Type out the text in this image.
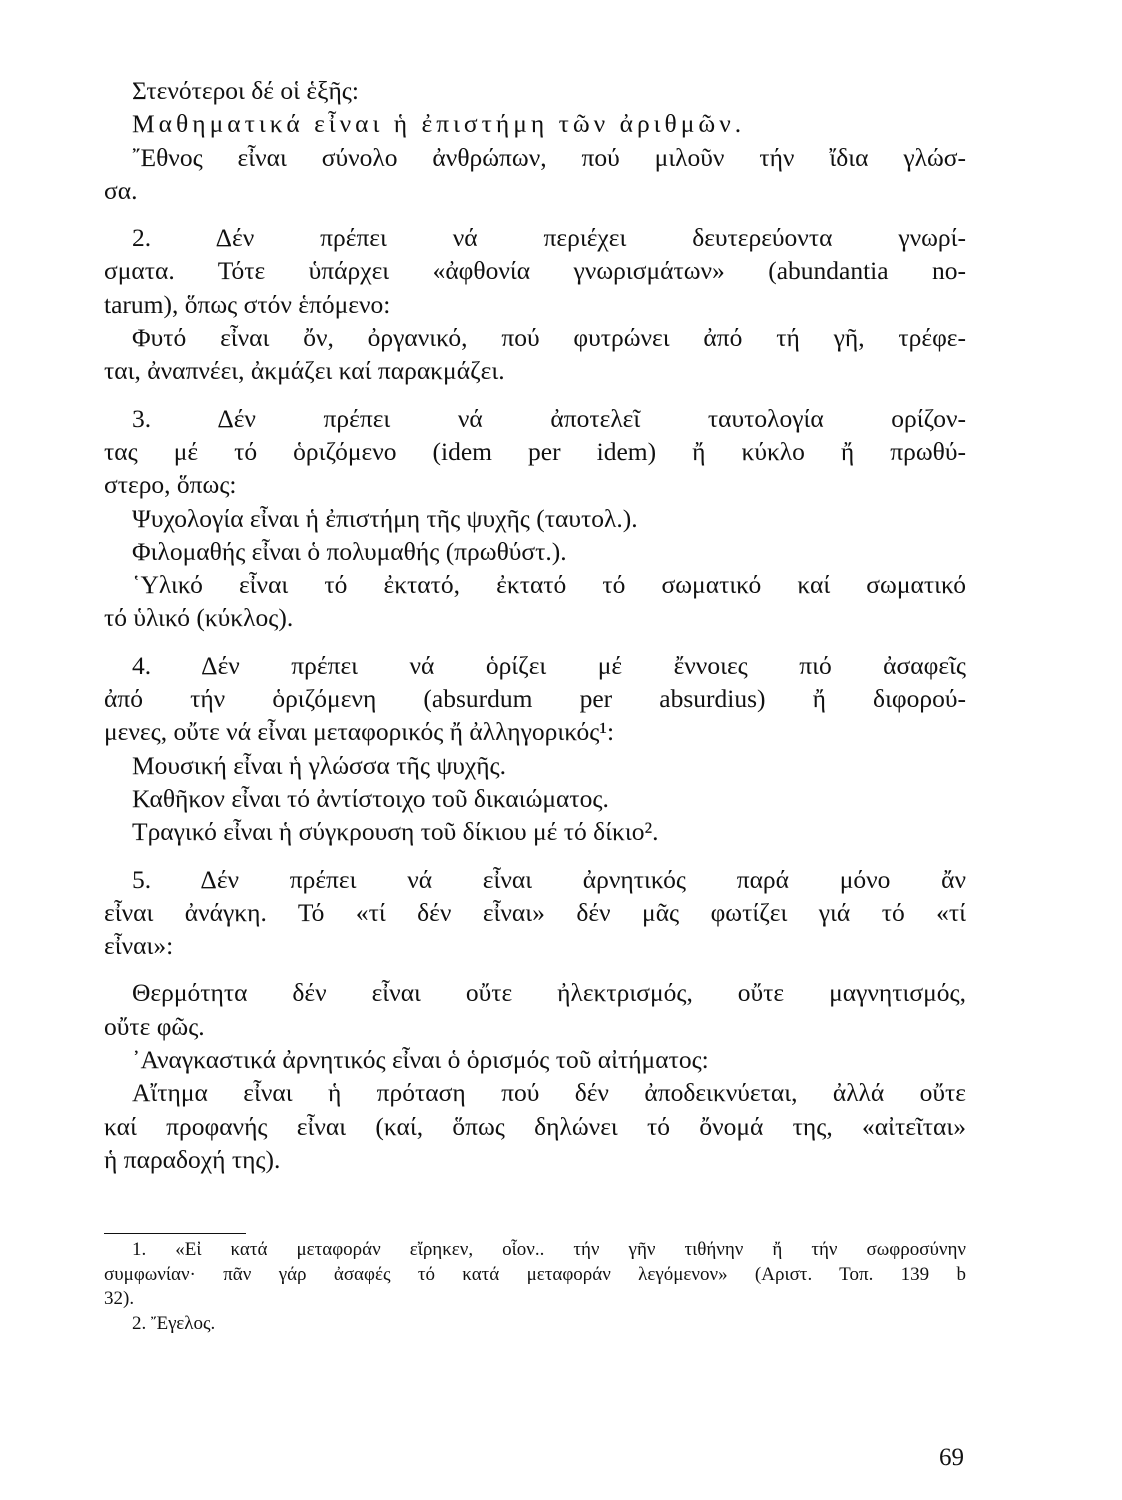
Στενότεροι δέ οἱ ἑξῆς:
Μαθηματικά εἶναι ἡ ἐπιστήμη τῶν ἀριθμῶν.
῎Εθνος εἶναι σύνολο ἀνθρώπων, πού μιλοῦν τήν ἴδια γλώσ-
σα.
2. Δέν πρέπει νά περιέχει δευτερεύοντα γνωρί-
σματα. Τότε ὑπάρχει «ἀφθονία γνωρισμάτων» (abundantia no-
tarum), ὅπως στόν ἑπόμενο:
Φυτό εἶναι ὄν, ὀργανικό, πού φυτρώνει ἀπό τή γῆ, τρέφε-
ται, ἀναπνέει, ἀκμάζει καί παρακμάζει.
3. Δέν πρέπει νά ἀποτελεῖ ταυτολογία ορίζον-
τας μέ τό ὁριζόμενο (idem per idem) ἤ κύκλο ἤ πρωθύ-
στερο, ὅπως:
Ψυχολογία εἶναι ἡ ἐπιστήμη τῆς ψυχῆς (ταυτολ.).
Φιλομαθής εἶναι ὁ πολυμαθής (πρωθύστ.).
῾Υλικό εἶναι τό ἐκτατό, ἐκτατό τό σωματικό καί σωματικό
τό ὑλικό (κύκλος).
4. Δέν πρέπει νά ὁρίζει μέ ἔννοιες πιό ἀσαφεῖς
ἀπό τήν ὁριζόμενη (absurdum per absurdius) ἤ διφορού-
μενες, οὔτε νά εἶναι μεταφορικός ἤ ἀλληγορικός¹:
Μουσική εἶναι ἡ γλώσσα τῆς ψυχῆς.
Καθῆκον εἶναι τό ἀντίστοιχο τοῦ δικαιώματος.
Τραγικό εἶναι ἡ σύγκρουση τοῦ δίκιου μέ τό δίκιο².
5. Δέν πρέπει νά εἶναι ἀρνητικός παρά μόνο ἄν
εἶναι ἀνάγκη. Τό «τί δέν εἶναι» δέν μᾶς φωτίζει γιά τό «τί
εἶναι»:
Θερμότητα δέν εἶναι οὔτε ἠλεκτρισμός, οὔτε μαγνητισμός,
οὔτε φῶς.
᾿Αναγκαστικά ἀρνητικός εἶναι ὁ ὁρισμός τοῦ αἰτήματος:
Αἴτημα εἶναι ἡ πρόταση πού δέν ἀποδεικνύεται, ἀλλά οὔτε
καί προφανής εἶναι (καί, ὅπως δηλώνει τό ὄνομά της, «αἰτεῖται»
ἡ παραδοχή της).
1. «Εἰ κατά μεταφοράν εἴρηκεν, οἷον.. τήν γῆν τιθήνην ἤ τήν σωφροσύνην
συμφωνίαν· πᾶν γάρ ἀσαφές τό κατά μεταφοράν λεγόμενον» (Αριστ. Τοπ. 139 b
32).
2. Ἔγελος.
69
